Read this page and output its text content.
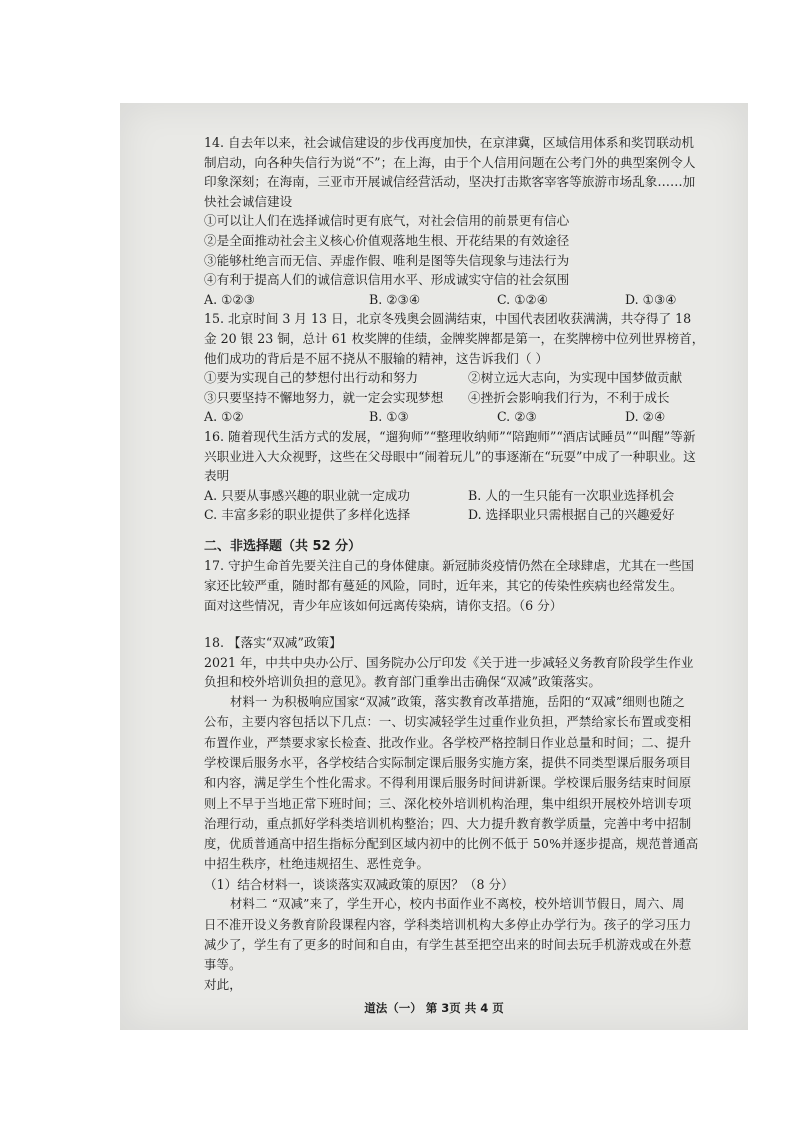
14. 自去年以来，社会诚信建设的步伐再度加快，在京津冀，区域信用体系和奖罚联动机
制启动，向各种失信行为说“不”；在上海，由于个人信用问题在公考门外的典型案例令人
印象深刻；在海南，三亚市开展诚信经营活动，坚决打击欺客宰客等旅游市场乱象……加
快社会诚信建设
①可以让人们在选择诚信时更有底气，对社会信用的前景更有信心
②是全面推动社会主义核心价值观落地生根、开花结果的有效途径
③能够杜绝言而无信、弄虚作假、唯利是图等失信现象与违法行为
④有利于提高人们的诚信意识信用水平、形成诚实守信的社会氛围
A. ①②③	B. ②③④	C. ①②④	D. ①③④
15. 北京时间 3 月 13 日，北京冬残奥会圆满结束，中国代表团收获满满，共夺得了 18
金 20 银 23 铜，总计 61 枚奖牌的佳绩，金牌奖牌都是第一，在奖牌榜中位列世界榜首，
他们成功的背后是不屈不挠从不服输的精神，这告诉我们（ ）
①要为实现自己的梦想付出行动和努力	②树立远大志向，为实现中国梦做贡献
③只要坚持不懈地努力，就一定会实现梦想	④挫折会影响我们行为，不利于成长
A. ①②	B. ①③	C. ②③	D. ②④
16. 随着现代生活方式的发展，“遛狗师”“整理收纳师”“陪跑师”“酒店试睡员”“叫醒”等新
兴职业进入大众视野，这些在父母眼中“闹着玩儿”的事逐渐在“玩耍”中成了一种职业。这
表明
A. 只要从事感兴趣的职业就一定成功	B. 人的一生只能有一次职业选择机会
C. 丰富多彩的职业提供了多样化选择	D. 选择职业只需根据自己的兴趣爱好
二、非选择题（共 52 分）
17. 守护生命首先要关注自己的身体健康。新冠肺炎疫情仍然在全球肆虐，尤其在一些国
家还比较严重，随时都有蔓延的风险，同时，近年来，其它的传染性疾病也经常发生。
面对这些情况，青少年应该如何远离传染病，请你支招。（6 分）
18. 【落实“双减”政策】
2021 年，中共中央办公厅、国务院办公厅印发《关于进一步减轻义务教育阶段学生作业
负担和校外培训负担的意见》。教育部门重拳出击确保“双减”政策落实。
材料一 为积极响应国家“双减”政策，落实教育改革措施，岳阳的“双减”细则也随之
公布，主要内容包括以下几点：一、切实减轻学生过重作业负担，严禁给家长布置或变相
布置作业，严禁要求家长检查、批改作业。各学校严格控制日作业总量和时间；二、提升
学校课后服务水平，各学校结合实际制定课后服务实施方案，提供不同类型课后服务项目
和内容，满足学生个性化需求。不得利用课后服务时间讲新课。学校课后服务结束时间原
则上不早于当地正常下班时间；三、深化校外培训机构治理，集中组织开展校外培训专项
治理行动，重点抓好学科类培训机构整治；四、大力提升教育教学质量，完善中考中招制
度，优质普通高中招生指标分配到区域内初中的比例不低于 50%并逐步提高，规范普通高
中招生秩序，杜绝违规招生、恶性竞争。
（1）结合材料一，谈谈落实双减政策的原因？（8 分）
材料二 “双减”来了，学生开心，校内书面作业不离校，校外培训节假日，周六、周
日不准开设义务教育阶段课程内容，学科类培训机构大多停止办学行为。孩子的学习压力
减少了，学生有了更多的时间和自由，有学生甚至把空出来的时间去玩手机游戏或在外惹
事等。
对此，
道法（一） 第 3页 共 4 页
